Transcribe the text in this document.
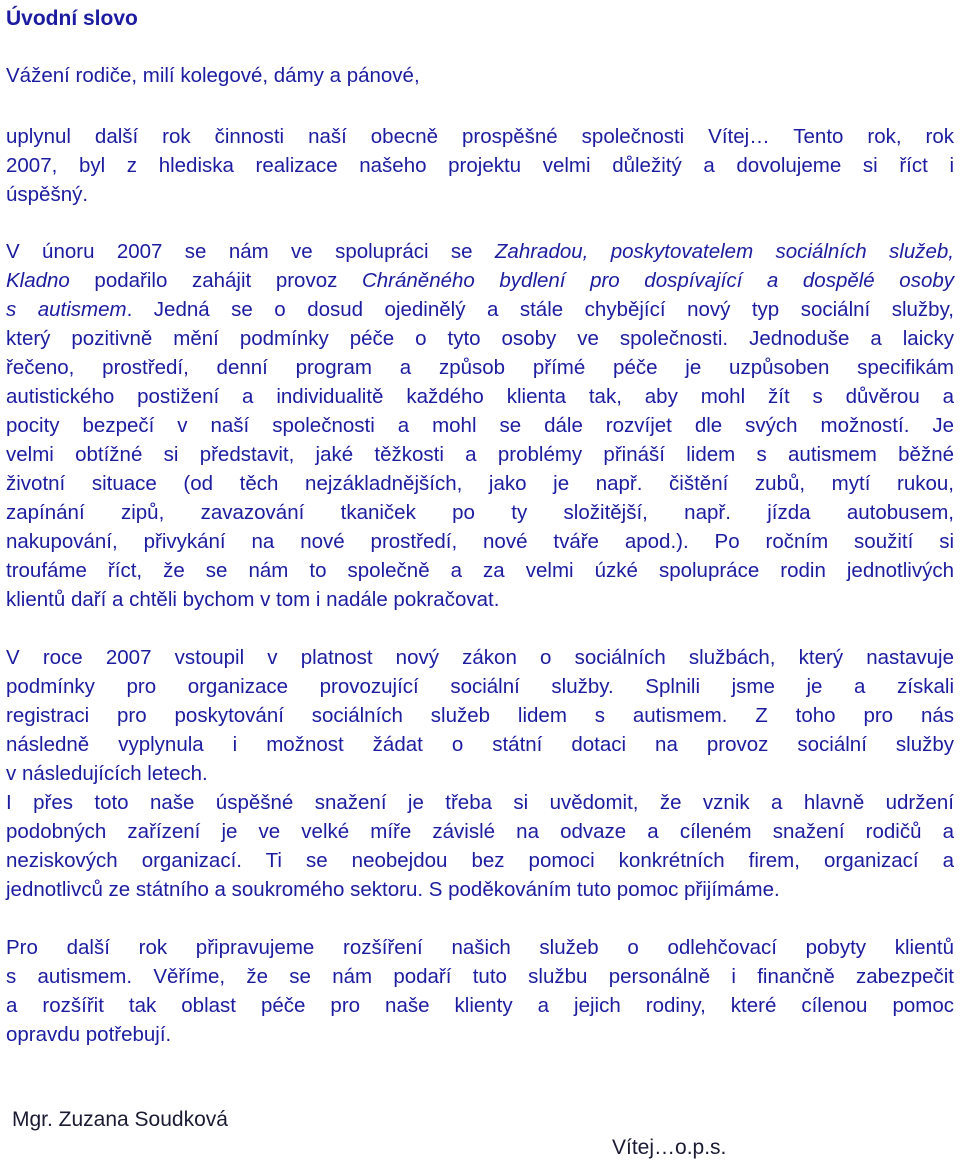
Úvodní slovo
Vážení rodiče, milí kolegové, dámy a pánové,
uplynul další rok činnosti naší obecně prospěšné společnosti Vítej… Tento rok, rok
2007, byl z hlediska realizace našeho projektu velmi důležitý a dovolujeme si říct i
úspěšný.
V únoru 2007 se nám ve spolupráci se Zahradou, poskytovatelem sociálních služeb,
Kladno podařilo zahájit provoz Chráněného bydlení pro dospívající a dospělé osoby
s autismem. Jedná se o dosud ojedinělý a stále chybějící nový typ sociální služby,
který pozitivně mění podmínky péče o tyto osoby ve společnosti. Jednoduše a laicky
řečeno, prostředí, denní program a způsob přímé péče je uzpůsoben specifikám
autistického postižení a individualitě každého klienta tak, aby mohl žít s důvěrou a
pocity bezpečí v naší společnosti a mohl se dále rozvíjet dle svých možností. Je
velmi obtížné si představit, jaké těžkosti a problémy přináší lidem s autismem běžné
životní situace (od těch nejzákladnějších, jako je např. čištění zubů, mytí rukou,
zapínání zipů, zavazování tkaniček po ty složitější, např. jízda autobusem,
nakupování, přivykání na nové prostředí, nové tváře apod.). Po ročním soužití si
troufáme říct, že se nám to společně a za velmi úzké spolupráce rodin jednotlivých
klientů daří a chtěli bychom v tom i nadále pokračovat.
V roce 2007 vstoupil v platnost nový zákon o sociálních službách, který nastavuje
podmínky pro organizace provozující sociální služby. Splnili jsme je a získali
registraci pro poskytování sociálních služeb lidem s autismem. Z toho pro nás
následně vyplynula i možnost žádat o státní dotaci na provoz sociální služby
v následujících letech.
I přes toto naše úspěšné snažení je třeba si uvědomit, že vznik a hlavně udržení
podobných zařízení je ve velké míře závislé na odvaze a cíleném snažení rodičů a
neziskových organizací. Ti se neobejdou bez pomoci konkrétních firem, organizací a
jednotlivců ze státního a soukromého sektoru. S poděkováním tuto pomoc přijímáme.
Pro další rok připravujeme rozšíření našich služeb o odlehčovací pobyty klientů
s autismem. Věříme, že se nám podaří tuto službu personálně i finančně zabezpečit
a rozšířit tak oblast péče pro naše klienty a jejich rodiny, které cílenou pomoc
opravdu potřebují.
Mgr. Zuzana Soudková
Vítej…o.p.s.
